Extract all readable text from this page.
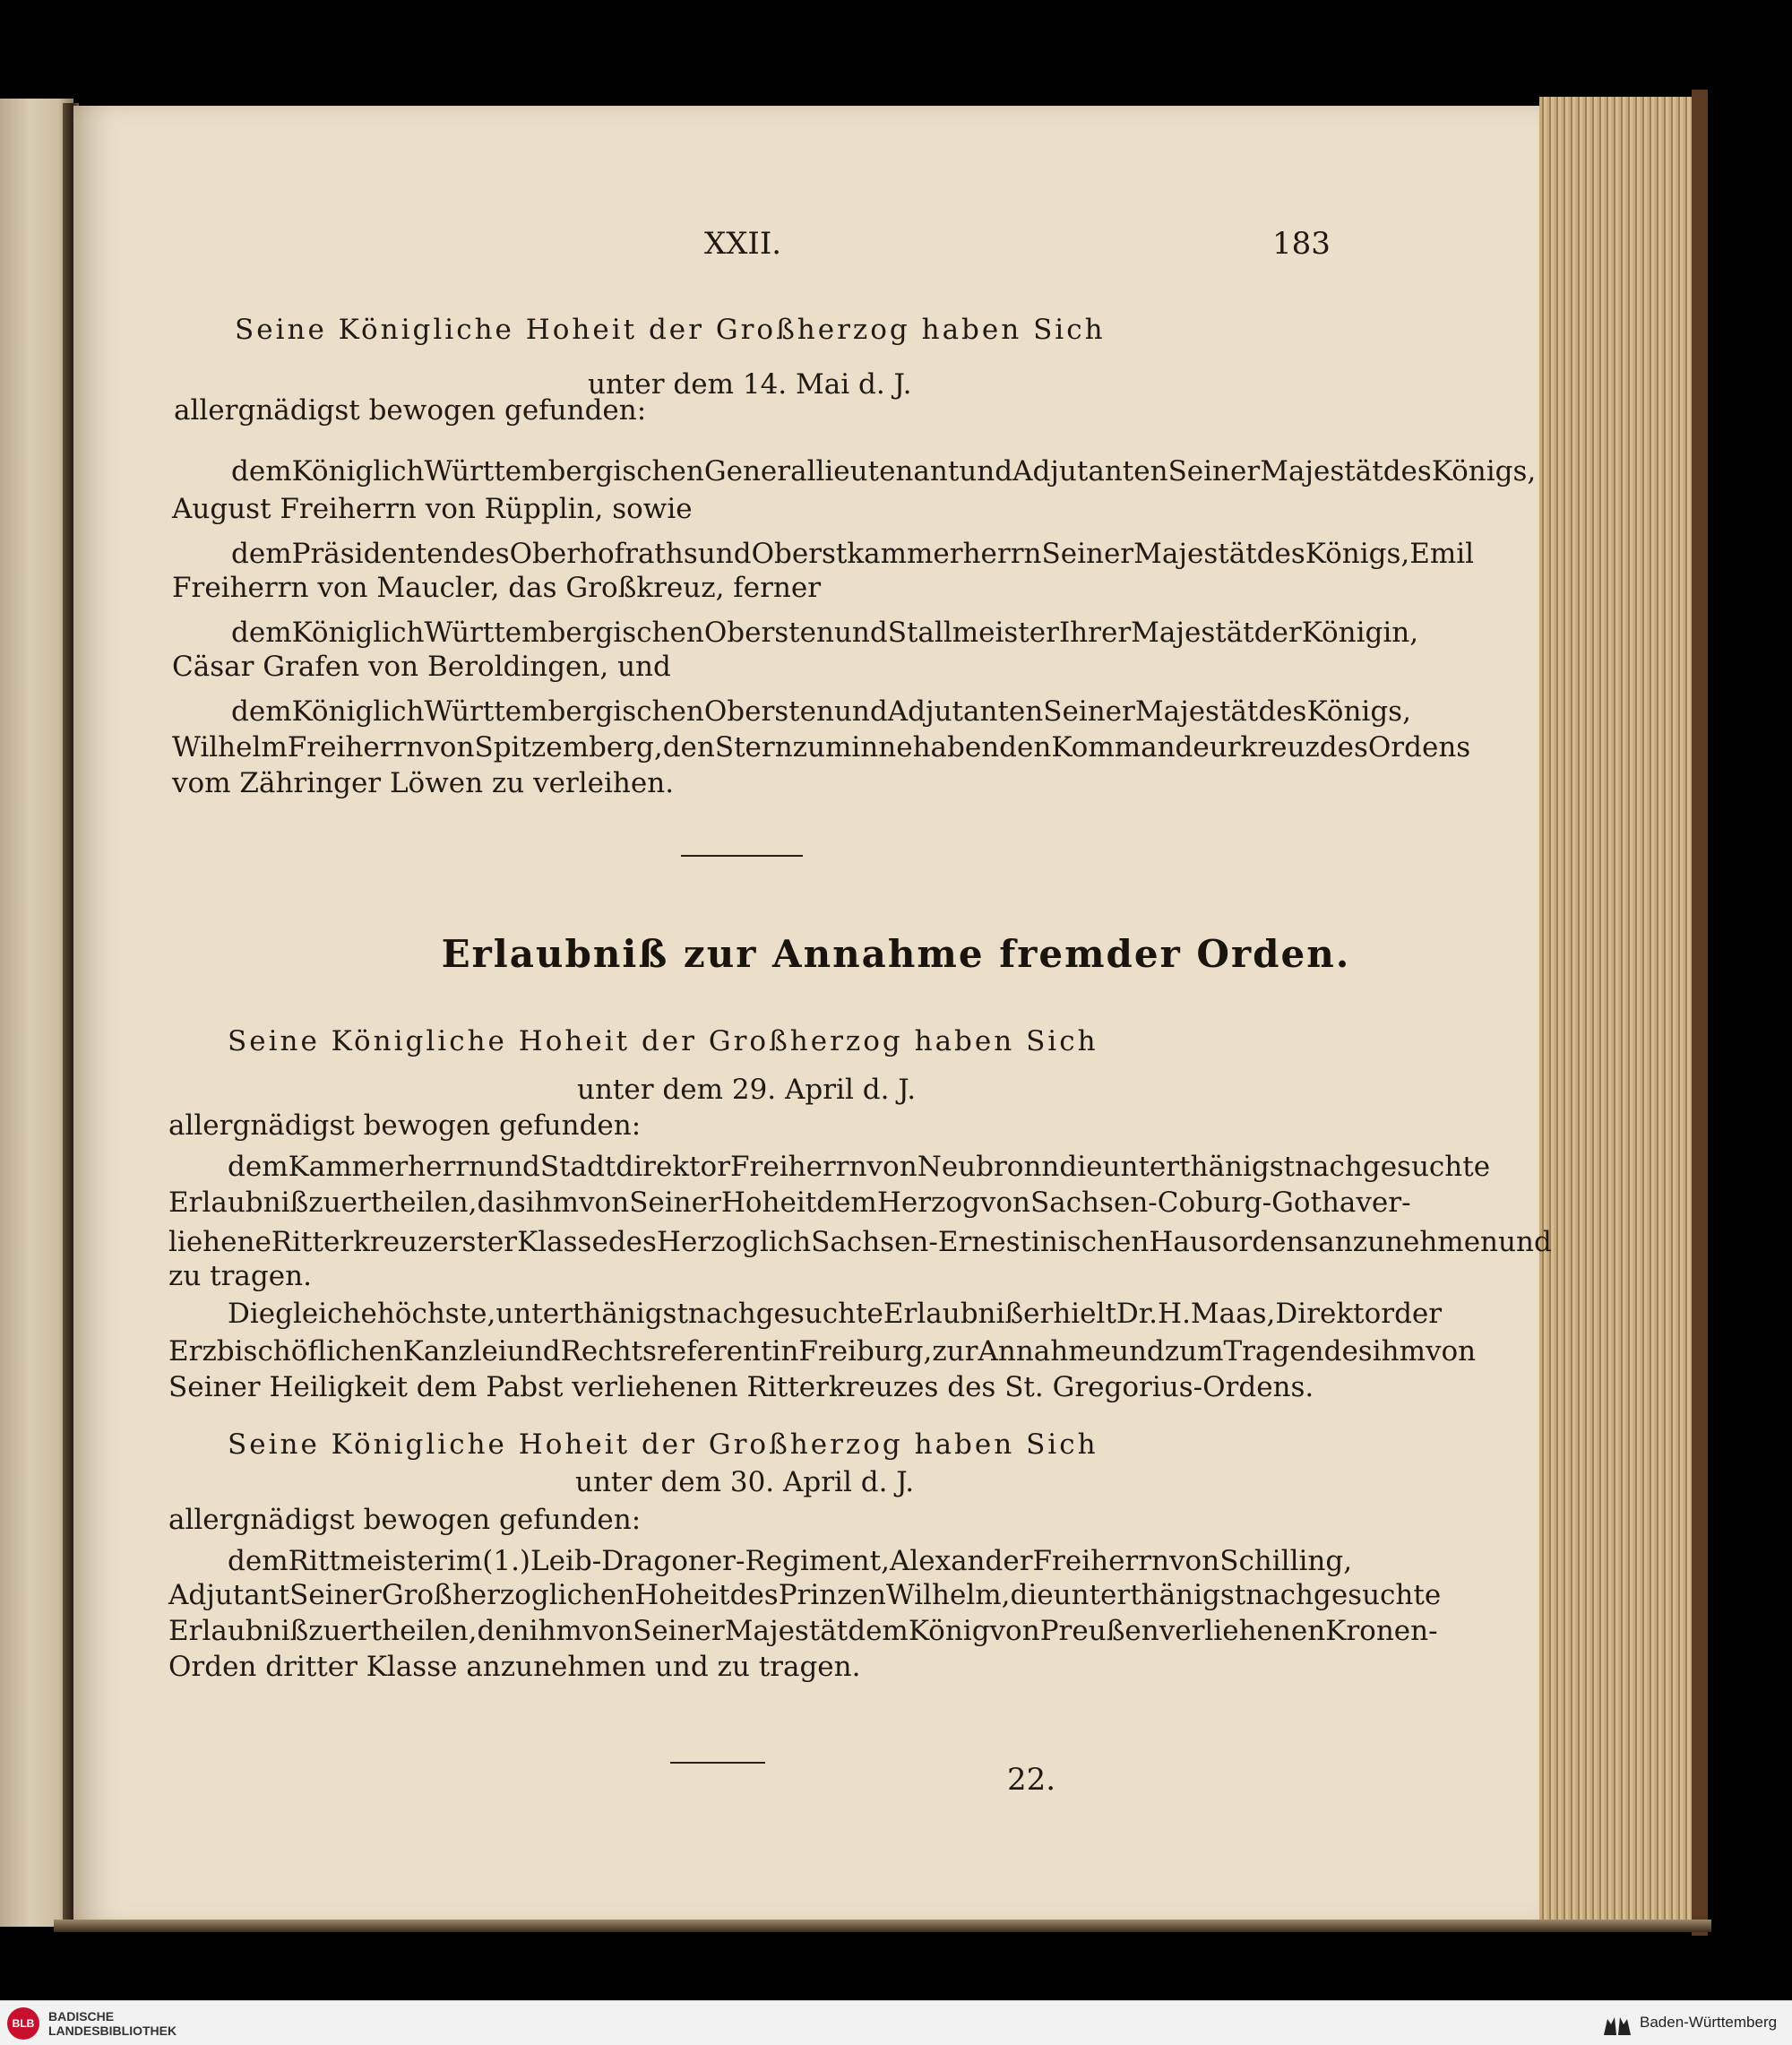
XXII.	183
Seine Königliche Hoheit der Großherzog haben Sich
unter dem 14. Mai d. J.
allergnädigst bewogen gefunden:
dem Königlich Württembergischen Generallieutenant und Adjutanten Seiner Majestät des Königs,
August Freiherrn von Rüpplin, sowie
dem Präsidenten des Oberhofraths und Oberstkammerherrn Seiner Majestät des Königs, Emil
Freiherrn von Maucler, das Großkreuz, ferner
dem Königlich Württembergischen Obersten und Stallmeister Ihrer Majestät der Königin,
Cäsar Grafen von Beroldingen, und
dem Königlich Württembergischen Obersten und Adjutanten Seiner Majestät des Königs,
Wilhelm Freiherrn von Spitzemberg, den Stern zum innehabenden Kommandeurkreuz des Ordens
vom Zähringer Löwen zu verleihen.
Erlaubniß zur Annahme fremder Orden.
Seine Königliche Hoheit der Großherzog haben Sich
unter dem 29. April d. J.
allergnädigst bewogen gefunden:
dem Kammerherrn und Stadtdirektor Freiherrn von Neubronn die unterthänigst nachgesuchte
Erlaubniß zu ertheilen, das ihm von Seiner Hoheit dem Herzog von Sachsen-Coburg-Gotha ver-
liehene Ritterkreuz erster Klasse des Herzoglich Sachsen-Ernestinischen Hausordens anzunehmen und
zu tragen.
Die gleiche höchste, unterthänigst nachgesuchte Erlaubniß erhielt Dr. H. Maas, Direktor der
Erzbischöflichen Kanzlei und Rechtsreferent in Freiburg, zur Annahme und zum Tragen des ihm von
Seiner Heiligkeit dem Pabst verliehenen Ritterkreuzes des St. Gregorius-Ordens.
Seine Königliche Hoheit der Großherzog haben Sich
unter dem 30. April d. J.
allergnädigst bewogen gefunden:
dem Rittmeister im (1.) Leib-Dragoner-Regiment, Alexander Freiherrn von Schilling,
Adjutant Seiner Großherzoglichen Hoheit des Prinzen Wilhelm, die unterthänigst nachgesuchte
Erlaubniß zu ertheilen, den ihm von Seiner Majestät dem König von Preußen verliehenen Kronen-
Orden dritter Klasse anzunehmen und zu tragen.
22.
BLB	BADISCHE
LANDESBIBLIOTHEK	Baden-Württemberg
